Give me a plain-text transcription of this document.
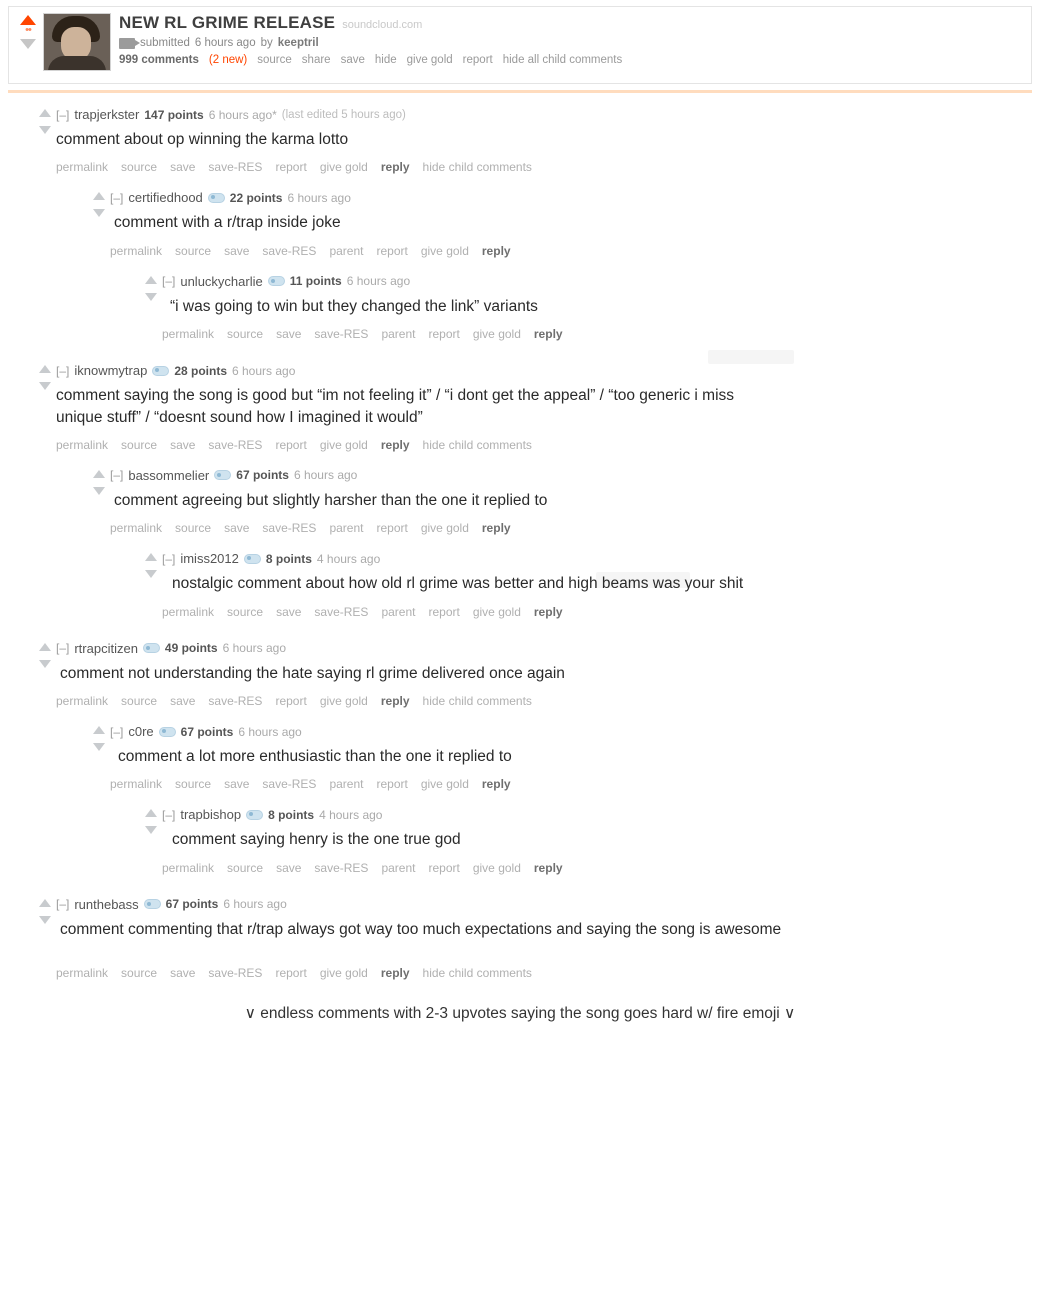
••	NEW RL GRIME RELEASE soundcloud.com
submitted 6 hours ago by keeptril
999 comments (2 new) source share save hide give gold report hide all child comments
[–] trapjerkster 147 points 6 hours ago* (last edited 5 hours ago)
comment about op winning the karma lotto
permalink source save save-RES report give gold reply hide child comments
[–] certifiedhood 22 points 6 hours ago
comment with a r/trap inside joke
permalink source save save-RES parent report give gold reply
[–] unluckycharlie 11 points 6 hours ago
“i was going to win but they changed the link” variants
permalink source save save-RES parent report give gold reply
[–] iknowmytrap 28 points 6 hours ago
comment saying the song is good but “im not feeling it” / “i dont get the appeal” / “too generic i miss unique stuff” / “doesnt sound how I imagined it would”
permalink source save save-RES report give gold reply hide child comments
[–] bassommelier 67 points 6 hours ago
comment agreeing but slightly harsher than the one it replied to
permalink source save save-RES parent report give gold reply
[–] imiss2012 8 points 4 hours ago
nostalgic comment about how old rl grime was better and high beams was your shit
permalink source save save-RES parent report give gold reply
[–] rtrapcitizen 49 points 6 hours ago
comment not understanding the hate saying rl grime delivered once again
permalink source save save-RES report give gold reply hide child comments
[–] c0re 67 points 6 hours ago
comment a lot more enthusiastic than the one it replied to
permalink source save save-RES parent report give gold reply
[–] trapbishop 8 points 4 hours ago
comment saying henry is the one true god
permalink source save save-RES parent report give gold reply
[–] runthebass 67 points 6 hours ago
comment commenting that r/trap always got way too much expectations and saying the song is awesome
permalink source save save-RES report give gold reply hide child comments
∨ endless comments with 2-3 upvotes saying the song goes hard w/ fire emoji ∨
